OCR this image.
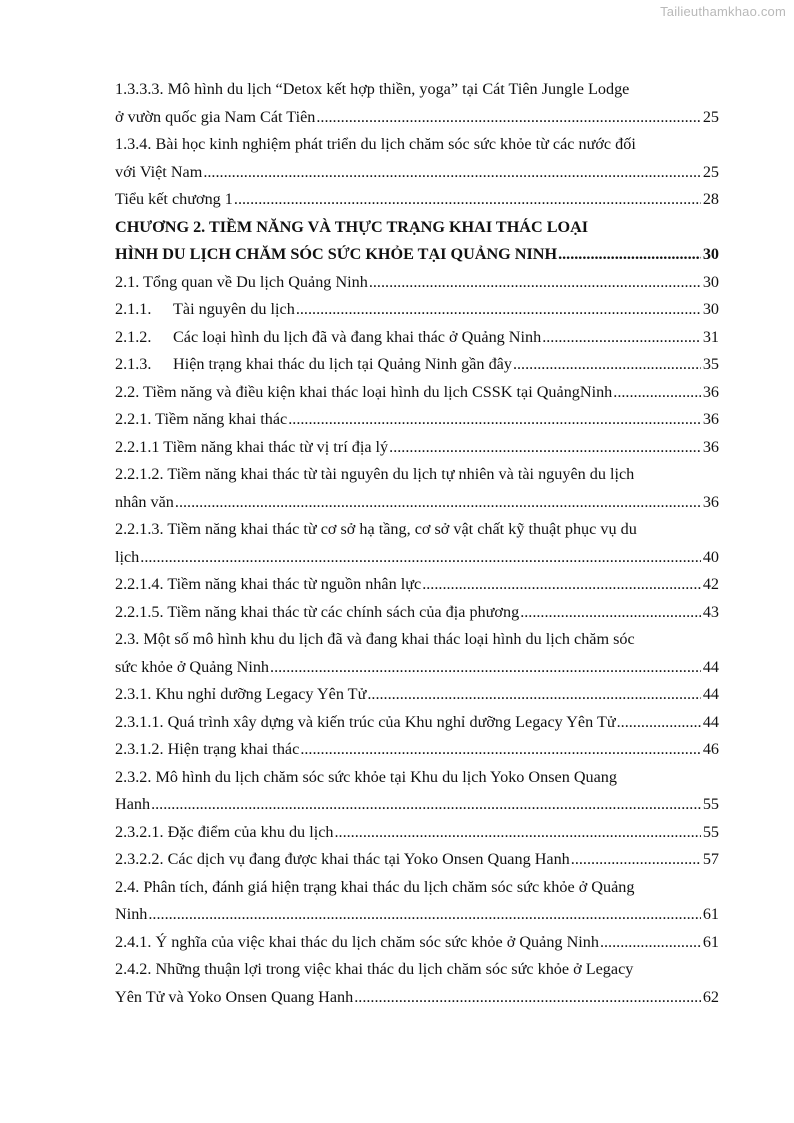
Tailieuthamkhao.com
1.3.3.3. Mô hình du lịch “Detox kết hợp thiền, yoga” tại Cát Tiên Jungle Lodge
ở vườn quốc gia Nam Cát Tiên .....	25
1.3.4. Bài học kinh nghiệm phát triển du lịch chăm sóc sức khỏe từ các nước đối
với Việt Nam .....	25
Tiểu kết chương 1 .....	28
CHƯƠNG 2. TIỀM NĂNG VÀ THỰC TRẠNG KHAI THÁC LOẠI
HÌNH DU LỊCH CHĂM SÓC SỨC KHỎE TẠI QUẢNG NINH .....	30
2.1. Tổng quan về Du lịch Quảng Ninh .....	30
2.1.1.	Tài nguyên du lịch .....	30
2.1.2.	Các loại hình du lịch đã và đang khai thác ở Quảng Ninh .....	31
2.1.3.	Hiện trạng khai thác du lịch tại Quảng Ninh gần đây .....	35
2.2. Tiềm năng và điều kiện khai thác loại hình du lịch CSSK tại QuảngNinh .....	36
2.2.1. Tiềm năng khai thác .....	36
2.2.1.1 Tiềm năng khai thác từ vị trí địa lý .....	36
2.2.1.2. Tiềm năng khai thác từ tài nguyên du lịch tự nhiên và tài nguyên du lịch
nhân văn .....	36
2.2.1.3. Tiềm năng khai thác từ cơ sở hạ tầng, cơ sở vật chất kỹ thuật phục vụ du
lịch .....	40
2.2.1.4. Tiềm năng khai thác từ nguồn nhân lực .....	42
2.2.1.5. Tiềm năng khai thác từ các chính sách của địa phương .....	43
2.3. Một số mô hình khu du lịch đã và đang khai thác loại hình du lịch chăm sóc
sức khỏe ở Quảng Ninh .....	44
2.3.1. Khu nghỉ dưỡng Legacy Yên Tử .....	44
2.3.1.1. Quá trình xây dựng và kiến trúc của Khu nghỉ dưỡng Legacy Yên Tử .....	44
2.3.1.2. Hiện trạng khai thác .....	46
2.3.2. Mô hình du lịch chăm sóc sức khỏe tại Khu du lịch Yoko Onsen Quang
Hanh .....	55
2.3.2.1. Đặc điểm của khu du lịch .....	55
2.3.2.2. Các dịch vụ đang được khai thác tại Yoko Onsen Quang Hanh .....	57
2.4. Phân tích, đánh giá hiện trạng khai thác du lịch chăm sóc sức khỏe ở Quảng
Ninh .....	61
2.4.1. Ý nghĩa của việc khai thác du lịch chăm sóc sức khỏe ở Quảng Ninh .....	61
2.4.2. Những thuận lợi trong việc khai thác du lịch chăm sóc sức khỏe ở Legacy
Yên Tử và Yoko Onsen Quang Hanh .....	62
